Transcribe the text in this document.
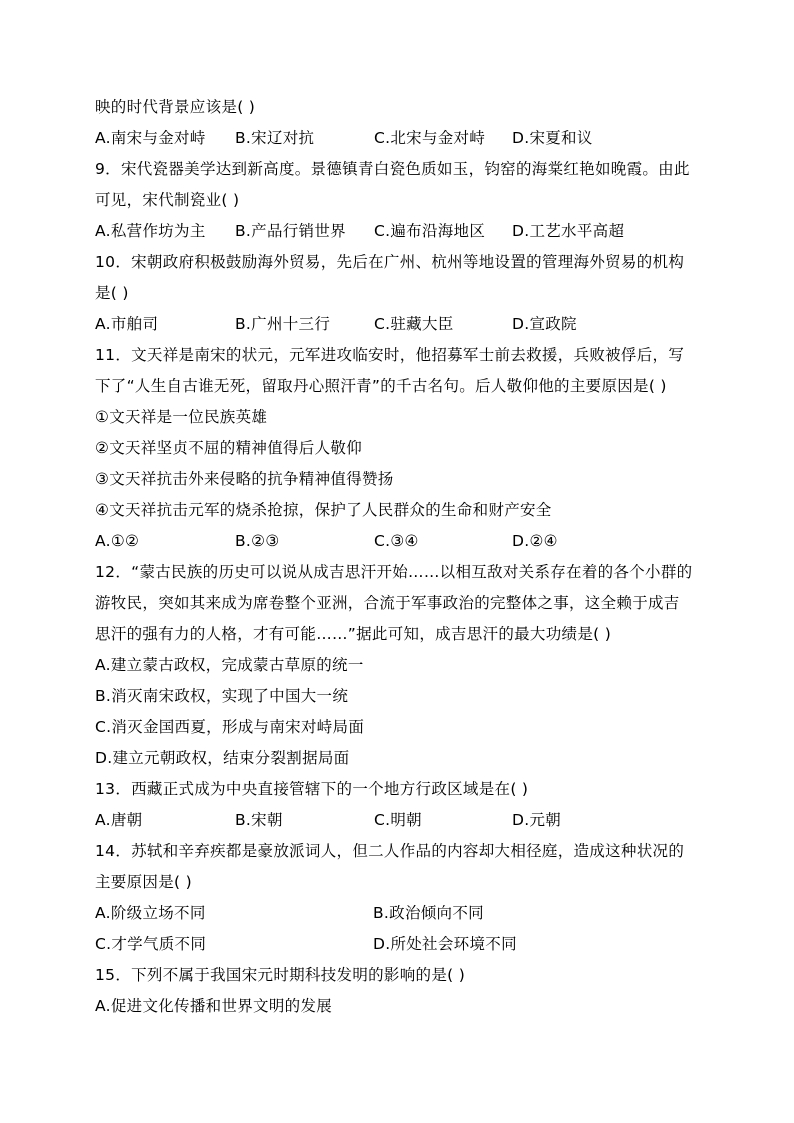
映的时代背景应该是( )
A.南宋与金对峙 B.宋辽对抗	C.北宋与金对峙 D.宋夏和议
9．宋代瓷器美学达到新高度。景德镇青白瓷色质如玉，钧窑的海棠红艳如晚霞。由此
可见，宋代制瓷业( )
A.私营作坊为主 B.产品行销世界 C.遍布沿海地区 D.工艺水平高超
10．宋朝政府积极鼓励海外贸易，先后在广州、杭州等地设置的管理海外贸易的机构
是( )
A.市舶司	B.广州十三行	C.驻藏大臣	D.宣政院
11．文天祥是南宋的状元，元军进攻临安时，他招募军士前去救援，兵败被俘后，写
下了“人生自古谁无死，留取丹心照汗青”的千古名句。后人敬仰他的主要原因是( )
①文天祥是一位民族英雄
②文天祥坚贞不屈的精神值得后人敬仰
③文天祥抗击外来侵略的抗争精神值得赞扬
④文天祥抗击元军的烧杀抢掠，保护了人民群众的生命和财产安全
A.①②	B.②③	C.③④	D.②④
12．“蒙古民族的历史可以说从成吉思汗开始……以相互敌对关系存在着的各个小群的
游牧民，突如其来成为席卷整个亚洲，合流于军事政治的完整体之事，这全赖于成吉
思汗的强有力的人格，才有可能……”据此可知，成吉思汗的最大功绩是( )
A.建立蒙古政权，完成蒙古草原的统一
B.消灭南宋政权，实现了中国大一统
C.消灭金国西夏，形成与南宋对峙局面
D.建立元朝政权，结束分裂割据局面
13．西藏正式成为中央直接管辖下的一个地方行政区域是在( )
A.唐朝	B.宋朝	C.明朝	D.元朝
14．苏轼和辛弃疾都是豪放派词人，但二人作品的内容却大相径庭，造成这种状况的
主要原因是( )
A.阶级立场不同	B.政治倾向不同
C.才学气质不同	D.所处社会环境不同
15．下列不属于我国宋元时期科技发明的影响的是( )
A.促进文化传播和世界文明的发展
